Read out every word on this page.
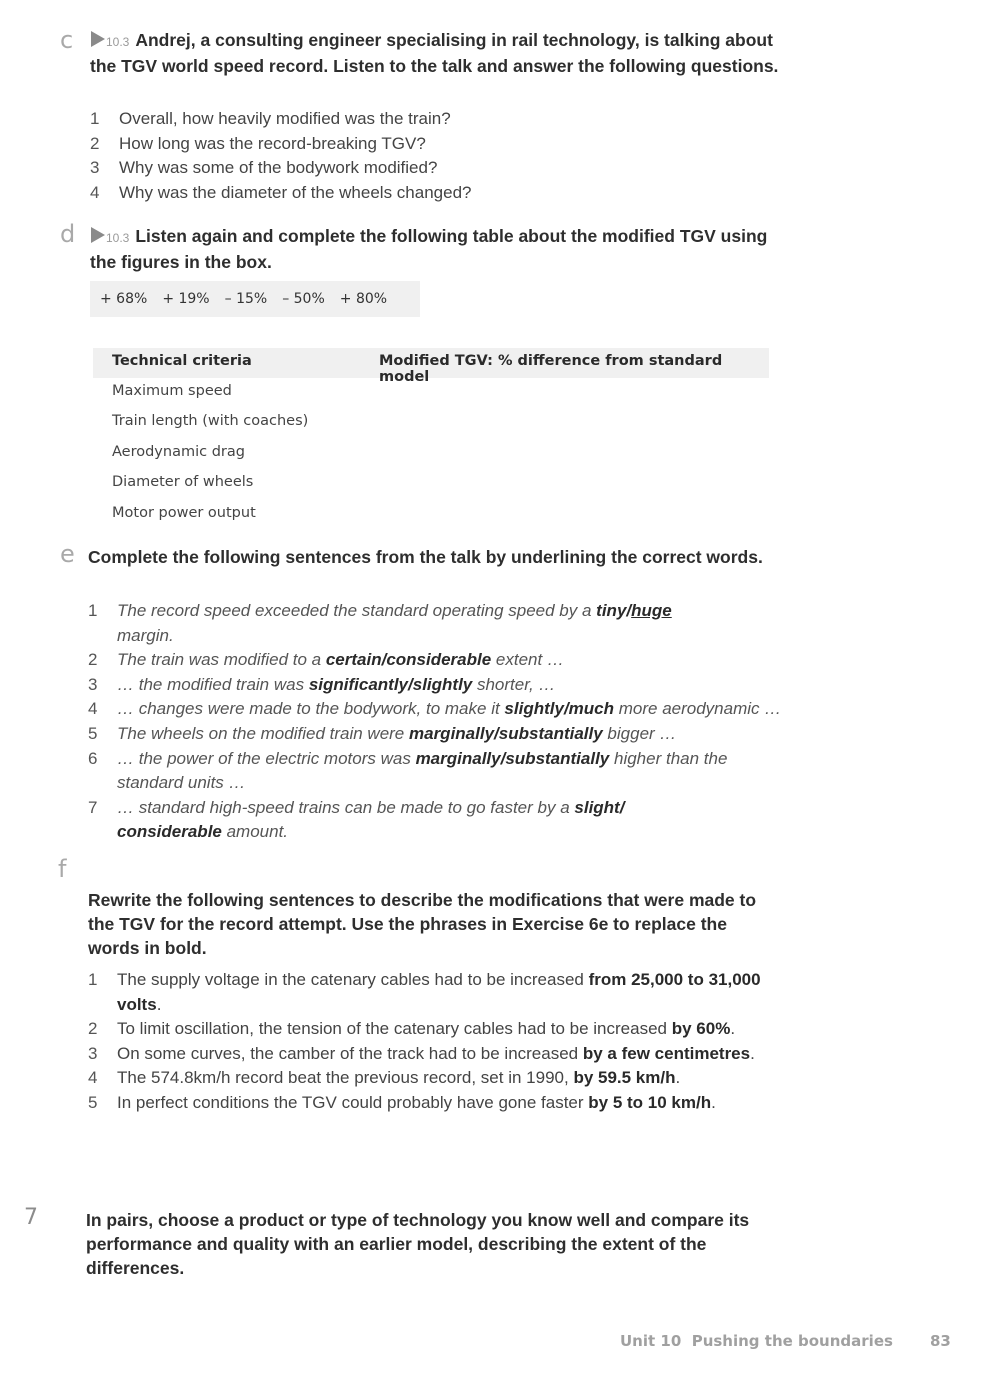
c	10.3 Andrej, a consulting engineer specialising in rail technology, is talking about the TGV world speed record. Listen to the talk and answer the following questions.
1 Overall, how heavily modified was the train?
2 How long was the record-breaking TGV?
3 Why was some of the bodywork modified?
4 Why was the diameter of the wheels changed?
d	10.3 Listen again and complete the following table about the modified TGV using the figures in the box.
+ 68% + 19% – 15% – 50% + 80%
Technical criteria	Modified TGV: % difference from standard model
Maximum speed
Train length (with coaches)
Aerodynamic drag
Diameter of wheels
Motor power output
e Complete the following sentences from the talk by underlining the correct words.
1 The record speed exceeded the standard operating speed by a tiny/huge
margin.
2 The train was modified to a certain/considerable extent …
3 … the modified train was significantly/slightly shorter, …
4 … changes were made to the bodywork, to make it slightly/much more aerodynamic …
5 The wheels on the modified train were marginally/substantially bigger …
6 … the power of the electric motors was marginally/substantially higher than the standard units …
7 … standard high-speed trains can be made to go faster by a slight/
considerable amount.
f
Rewrite the following sentences to describe the modifications that were made to the TGV for the record attempt. Use the phrases in Exercise 6e to replace the words in bold.
1 The supply voltage in the catenary cables had to be increased from 25,000 to 31,000 volts.
2 To limit oscillation, the tension of the catenary cables had to be increased by 60%.
3 On some curves, the camber of the track had to be increased by a few centimetres.
4 The 574.8km/h record beat the previous record, set in 1990, by 59.5 km/h.
5 In perfect conditions the TGV could probably have gone faster by 5 to 10 km/h.
7	In pairs, choose a product or type of technology you know well and compare its performance and quality with an earlier model, describing the extent of the differences.
Unit 10  Pushing the boundaries 83
